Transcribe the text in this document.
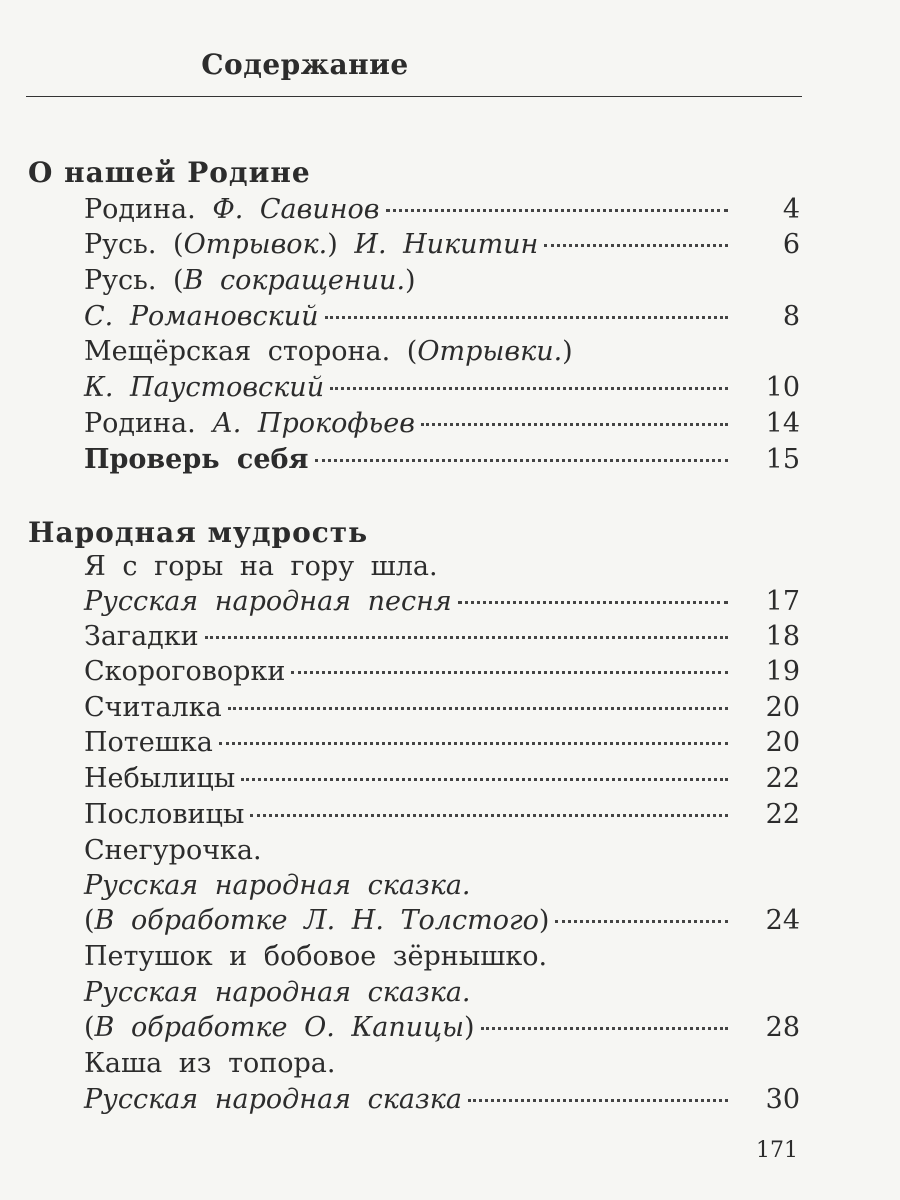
Содержание
О нашей Родине
Родина. Ф. Савинов	4
Русь. (Отрывок.) И. Никитин	6
Русь. (В сокращении.)
С. Романовский	8
Мещёрская сторона. (Отрывки.)
К. Паустовский	10
Родина. А. Прокофьев	14
Проверь себя	15
Народная мудрость
Я с горы на гору шла.
Русская народная песня	17
Загадки	18
Скороговорки	19
Считалка	20
Потешка	20
Небылицы	22
Пословицы	22
Снегурочка.
Русская народная сказка.
(В обработке Л. Н. Толстого)	24
Петушок и бобовое зёрнышко.
Русская народная сказка.
(В обработке О. Капицы)	28
Каша из топора.
Русская народная сказка	30
171
